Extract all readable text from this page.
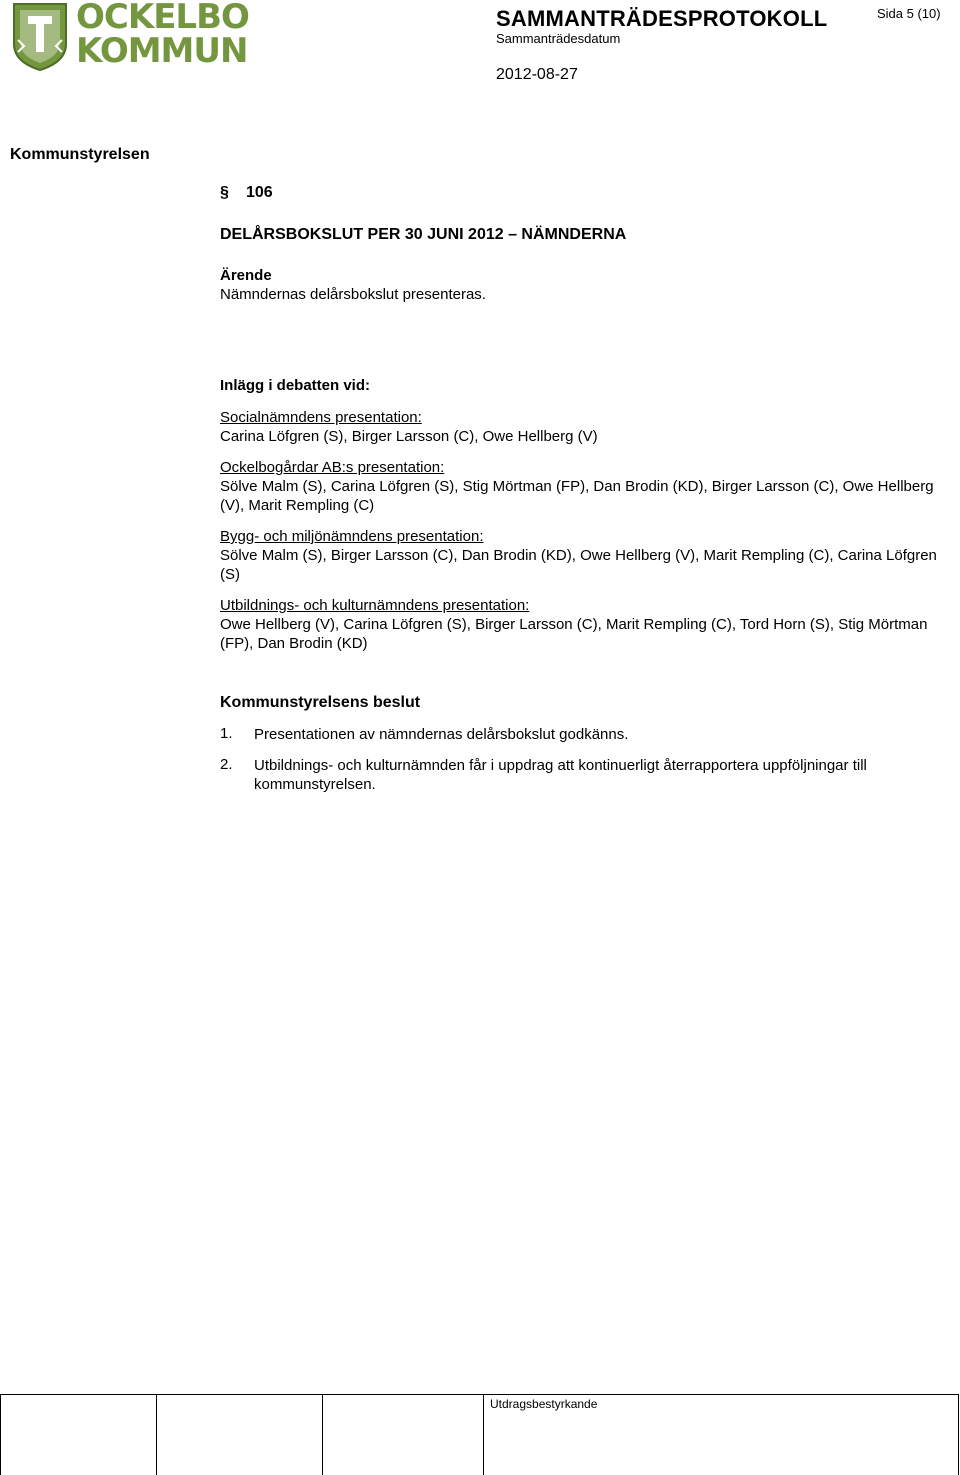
OCKELBO
KOMMUN
SAMMANTRÄDESPROTOKOLL
Sammanträdesdatum
Sida 5 (10)
2012-08-27
Kommunstyrelsen
§ 106
DELÅRSBOKSLUT PER 30 JUNI 2012 – NÄMNDERNA
Ärende
Nämndernas delårsbokslut presenteras.
Inlägg i debatten vid:
Socialnämndens presentation:
Carina Löfgren (S), Birger Larsson (C), Owe Hellberg (V)
Ockelbogårdar AB:s presentation:
Sölve Malm (S), Carina Löfgren (S), Stig Mörtman (FP), Dan Brodin (KD), Birger Larsson (C), Owe Hellberg (V), Marit Rempling (C)
Bygg- och miljönämndens presentation:
Sölve Malm (S), Birger Larsson (C), Dan Brodin (KD), Owe Hellberg (V), Marit Rempling (C), Carina Löfgren (S)
Utbildnings- och kulturnämndens presentation:
Owe Hellberg (V), Carina Löfgren (S), Birger Larsson (C), Marit Rempling (C), Tord Horn (S), Stig Mörtman (FP), Dan Brodin (KD)
Kommunstyrelsens beslut
1. Presentationen av nämndernas delårsbokslut godkänns.
2. Utbildnings- och kulturnämnden får i uppdrag att kontinuerligt återrapportera uppföljningar till kommunstyrelsen.
Utdragsbestyrkande
